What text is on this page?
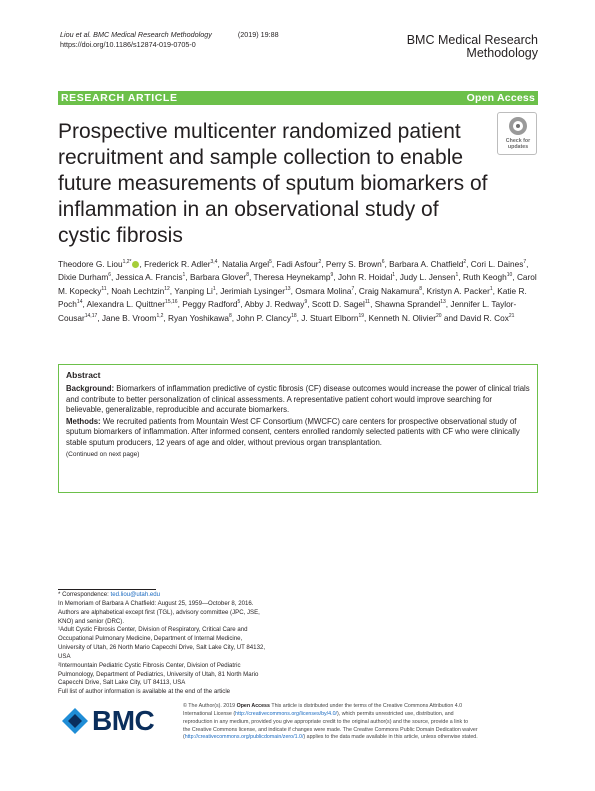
Liou et al. BMC Medical Research Methodology	(2019) 19:88
https://doi.org/10.1186/s12874-019-0705-0	BMC Medical Research
Methodology
RESEARCH ARTICLE	Open Access
Prospective multicenter randomized patient recruitment and sample collection to enable future measurements of sputum biomarkers of inflammation in an observational study of cystic fibrosis
Check for
updates
Theodore G. Liou$^{1,2*}$ , Frederick R. Adler$^{3,4}$, Natalia Argel$^5$, Fadi Asfour$^2$, Perry S. Brown$^6$, Barbara A. Chatfield$^2$, Cori L. Daines$^7$, Dixie Durham$^6$, Jessica A. Francis$^1$, Barbara Glover$^8$, Theresa Heynekamp$^9$, John R. Hoidal$^1$, Judy L. Jensen$^1$, Ruth Keogh$^{10}$, Carol M. Kopecky$^{11}$, Noah Lechtzin$^{12}$, Yanping Li$^1$, Jerimiah Lysinger$^{13}$, Osmara Molina$^7$, Craig Nakamura$^8$, Kristyn A. Packer$^1$, Katie R. Poch$^{14}$, Alexandra L. Quittner$^{15,16}$, Peggy Radford$^5$, Abby J. Redway$^9$, Scott D. Sagel$^{11}$, Shawna Sprandel$^{13}$, Jennifer L. Taylor-Cousar$^{14,17}$, Jane B. Vroom$^{1,2}$, Ryan Yoshikawa$^8$, John P. Clancy$^{18}$, J. Stuart Elborn$^{19}$, Kenneth N. Olivier$^{20}$ and David R. Cox$^{21}$
Abstract

Background: Biomarkers of inflammation predictive of cystic fibrosis (CF) disease outcomes would increase the power of clinical trials and contribute to better personalization of clinical assessments. A representative patient cohort would improve searching for believable, generalizable, reproducible and accurate biomarkers.

Methods: We recruited patients from Mountain West CF Consortium (MWCFC) care centers for prospective observational study of sputum biomarkers of inflammation. After informed consent, centers enrolled randomly selected patients with CF who were clinically stable sputum producers, 12 years of age and older, without previous organ transplantation.

(Continued on next page)

* Correspondence: ted.liou@utah.edu
In Memoriam of Barbara A Chatfield: August 25, 1959—October 8, 2016.
Authors are alphabetical except first (TGL), advisory committee (JPC, JSE,
KNO) and senior (DRC).
¹Adult Cystic Fibrosis Center, Division of Respiratory, Critical Care and
Occupational Pulmonary Medicine, Department of Internal Medicine,
University of Utah, 26 North Mario Capecchi Drive, Salt Lake City, UT 84132,
USA
²Intermountain Pediatric Cystic Fibrosis Center, Division of Pediatric
Pulmonology, Department of Pediatrics, University of Utah, 81 North Mario
Capecchi Drive, Salt Lake City, UT 84113, USA
Full list of author information is available at the end of the article
BMC	© The Author(s). 2019 Open Access This article is distributed under the terms of the Creative Commons Attribution 4.0
International License (http://creativecommons.org/licenses/by/4.0/), which permits unrestricted use, distribution, and
reproduction in any medium, provided you give appropriate credit to the original author(s) and the source, provide a link to
the Creative Commons license, and indicate if changes were made. The Creative Commons Public Domain Dedication waiver
(http://creativecommons.org/publicdomain/zero/1.0/) applies to the data made available in this article, unless otherwise stated.
